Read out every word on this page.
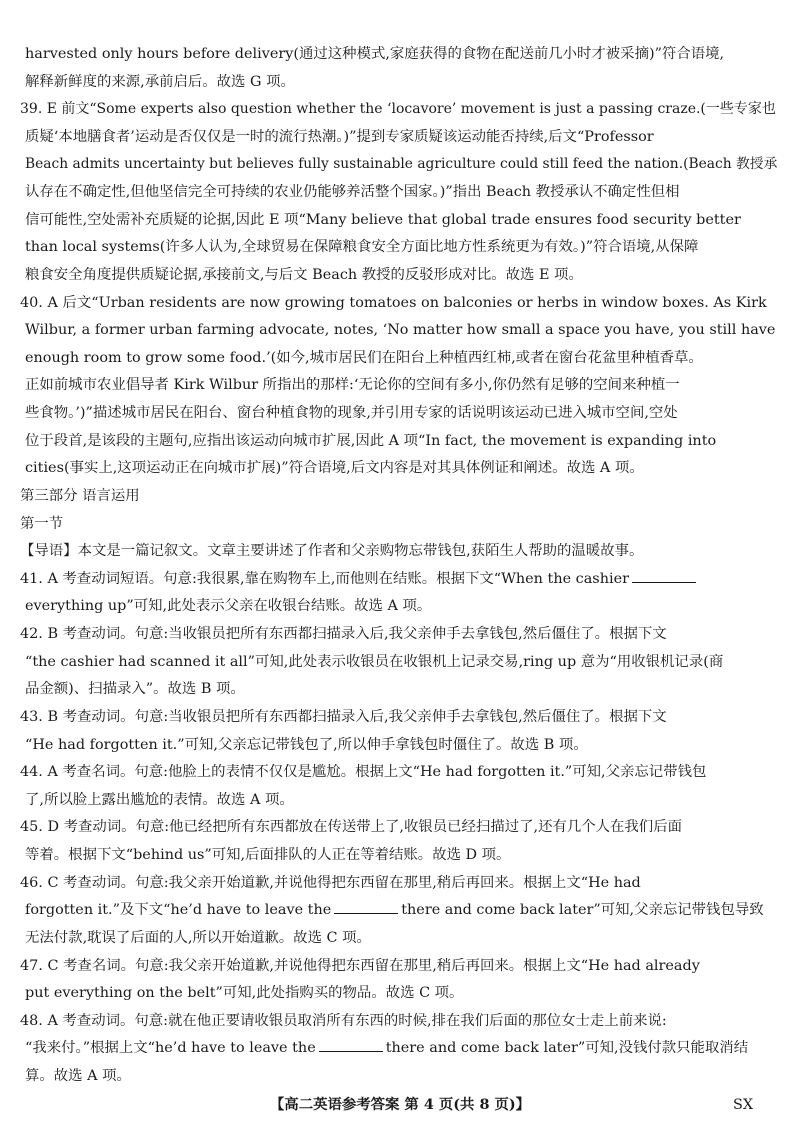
harvested only hours before delivery(通过这种模式,家庭获得的食物在配送前几小时才被采摘)”符合语境,
解释新鲜度的来源,承前启后。故选 G 项。
39. E 前文“Some experts also question whether the ‘locavore’ movement is just a passing craze.(一些专家也
质疑‘本地膳食者’运动是否仅仅是一时的流行热潮。)”提到专家质疑该运动能否持续,后文“Professor
Beach admits uncertainty but believes fully sustainable agriculture could still feed the nation.(Beach 教授承
认存在不确定性,但他坚信完全可持续的农业仍能够养活整个国家。)”指出 Beach 教授承认不确定性但相
信可能性,空处需补充质疑的论据,因此 E 项“Many believe that global trade ensures food security better
than local systems(许多人认为,全球贸易在保障粮食安全方面比地方性系统更为有效。)”符合语境,从保障
粮食安全角度提供质疑论据,承接前文,与后文 Beach 教授的反驳形成对比。故选 E 项。
40. A 后文“Urban residents are now growing tomatoes on balconies or herbs in window boxes. As Kirk
Wilbur, a former urban farming advocate, notes, ‘No matter how small a space you have, you still have
enough room to grow some food.’(如今,城市居民们在阳台上种植西红柿,或者在窗台花盆里种植香草。
正如前城市农业倡导者 Kirk Wilbur 所指出的那样:‘无论你的空间有多小,你仍然有足够的空间来种植一
些食物。’)”描述城市居民在阳台、窗台种植食物的现象,并引用专家的话说明该运动已进入城市空间,空处
位于段首,是该段的主题句,应指出该运动向城市扩展,因此 A 项“In fact, the movement is expanding into
cities(事实上,这项运动正在向城市扩展)”符合语境,后文内容是对其具体例证和阐述。故选 A 项。
第三部分 语言运用
第一节
【导语】本文是一篇记叙文。文章主要讲述了作者和父亲购物忘带钱包,获陌生人帮助的温暖故事。
41. A 考查动词短语。句意:我很累,靠在购物车上,而他则在结账。根据下文“When the cashier
everything up”可知,此处表示父亲在收银台结账。故选 A 项。
42. B 考查动词。句意:当收银员把所有东西都扫描录入后,我父亲伸手去拿钱包,然后僵住了。根据下文
“the cashier had scanned it all”可知,此处表示收银员在收银机上记录交易,ring up 意为“用收银机记录(商
品金额)、扫描录入”。故选 B 项。
43. B 考查动词。句意:当收银员把所有东西都扫描录入后,我父亲伸手去拿钱包,然后僵住了。根据下文
“He had forgotten it.”可知,父亲忘记带钱包了,所以伸手拿钱包时僵住了。故选 B 项。
44. A 考查名词。句意:他脸上的表情不仅仅是尴尬。根据上文“He had forgotten it.”可知,父亲忘记带钱包
了,所以脸上露出尴尬的表情。故选 A 项。
45. D 考查动词。句意:他已经把所有东西都放在传送带上了,收银员已经扫描过了,还有几个人在我们后面
等着。根据下文“behind us”可知,后面排队的人正在等着结账。故选 D 项。
46. C 考查动词。句意:我父亲开始道歉,并说他得把东西留在那里,稍后再回来。根据上文“He had
forgotten it.”及下文“he’d have to leave the	there and come back later”可知,父亲忘记带钱包导致
无法付款,耽误了后面的人,所以开始道歉。故选 C 项。
47. C 考查名词。句意:我父亲开始道歉,并说他得把东西留在那里,稍后再回来。根据上文“He had already
put everything on the belt”可知,此处指购买的物品。故选 C 项。
48. A 考查动词。句意:就在他正要请收银员取消所有东西的时候,排在我们后面的那位女士走上前来说:
“我来付。”根据上文“he’d have to leave the	there and come back later”可知,没钱付款只能取消结
算。故选 A 项。
【高二英语参考答案 第 4 页(共 8 页)】	SX
